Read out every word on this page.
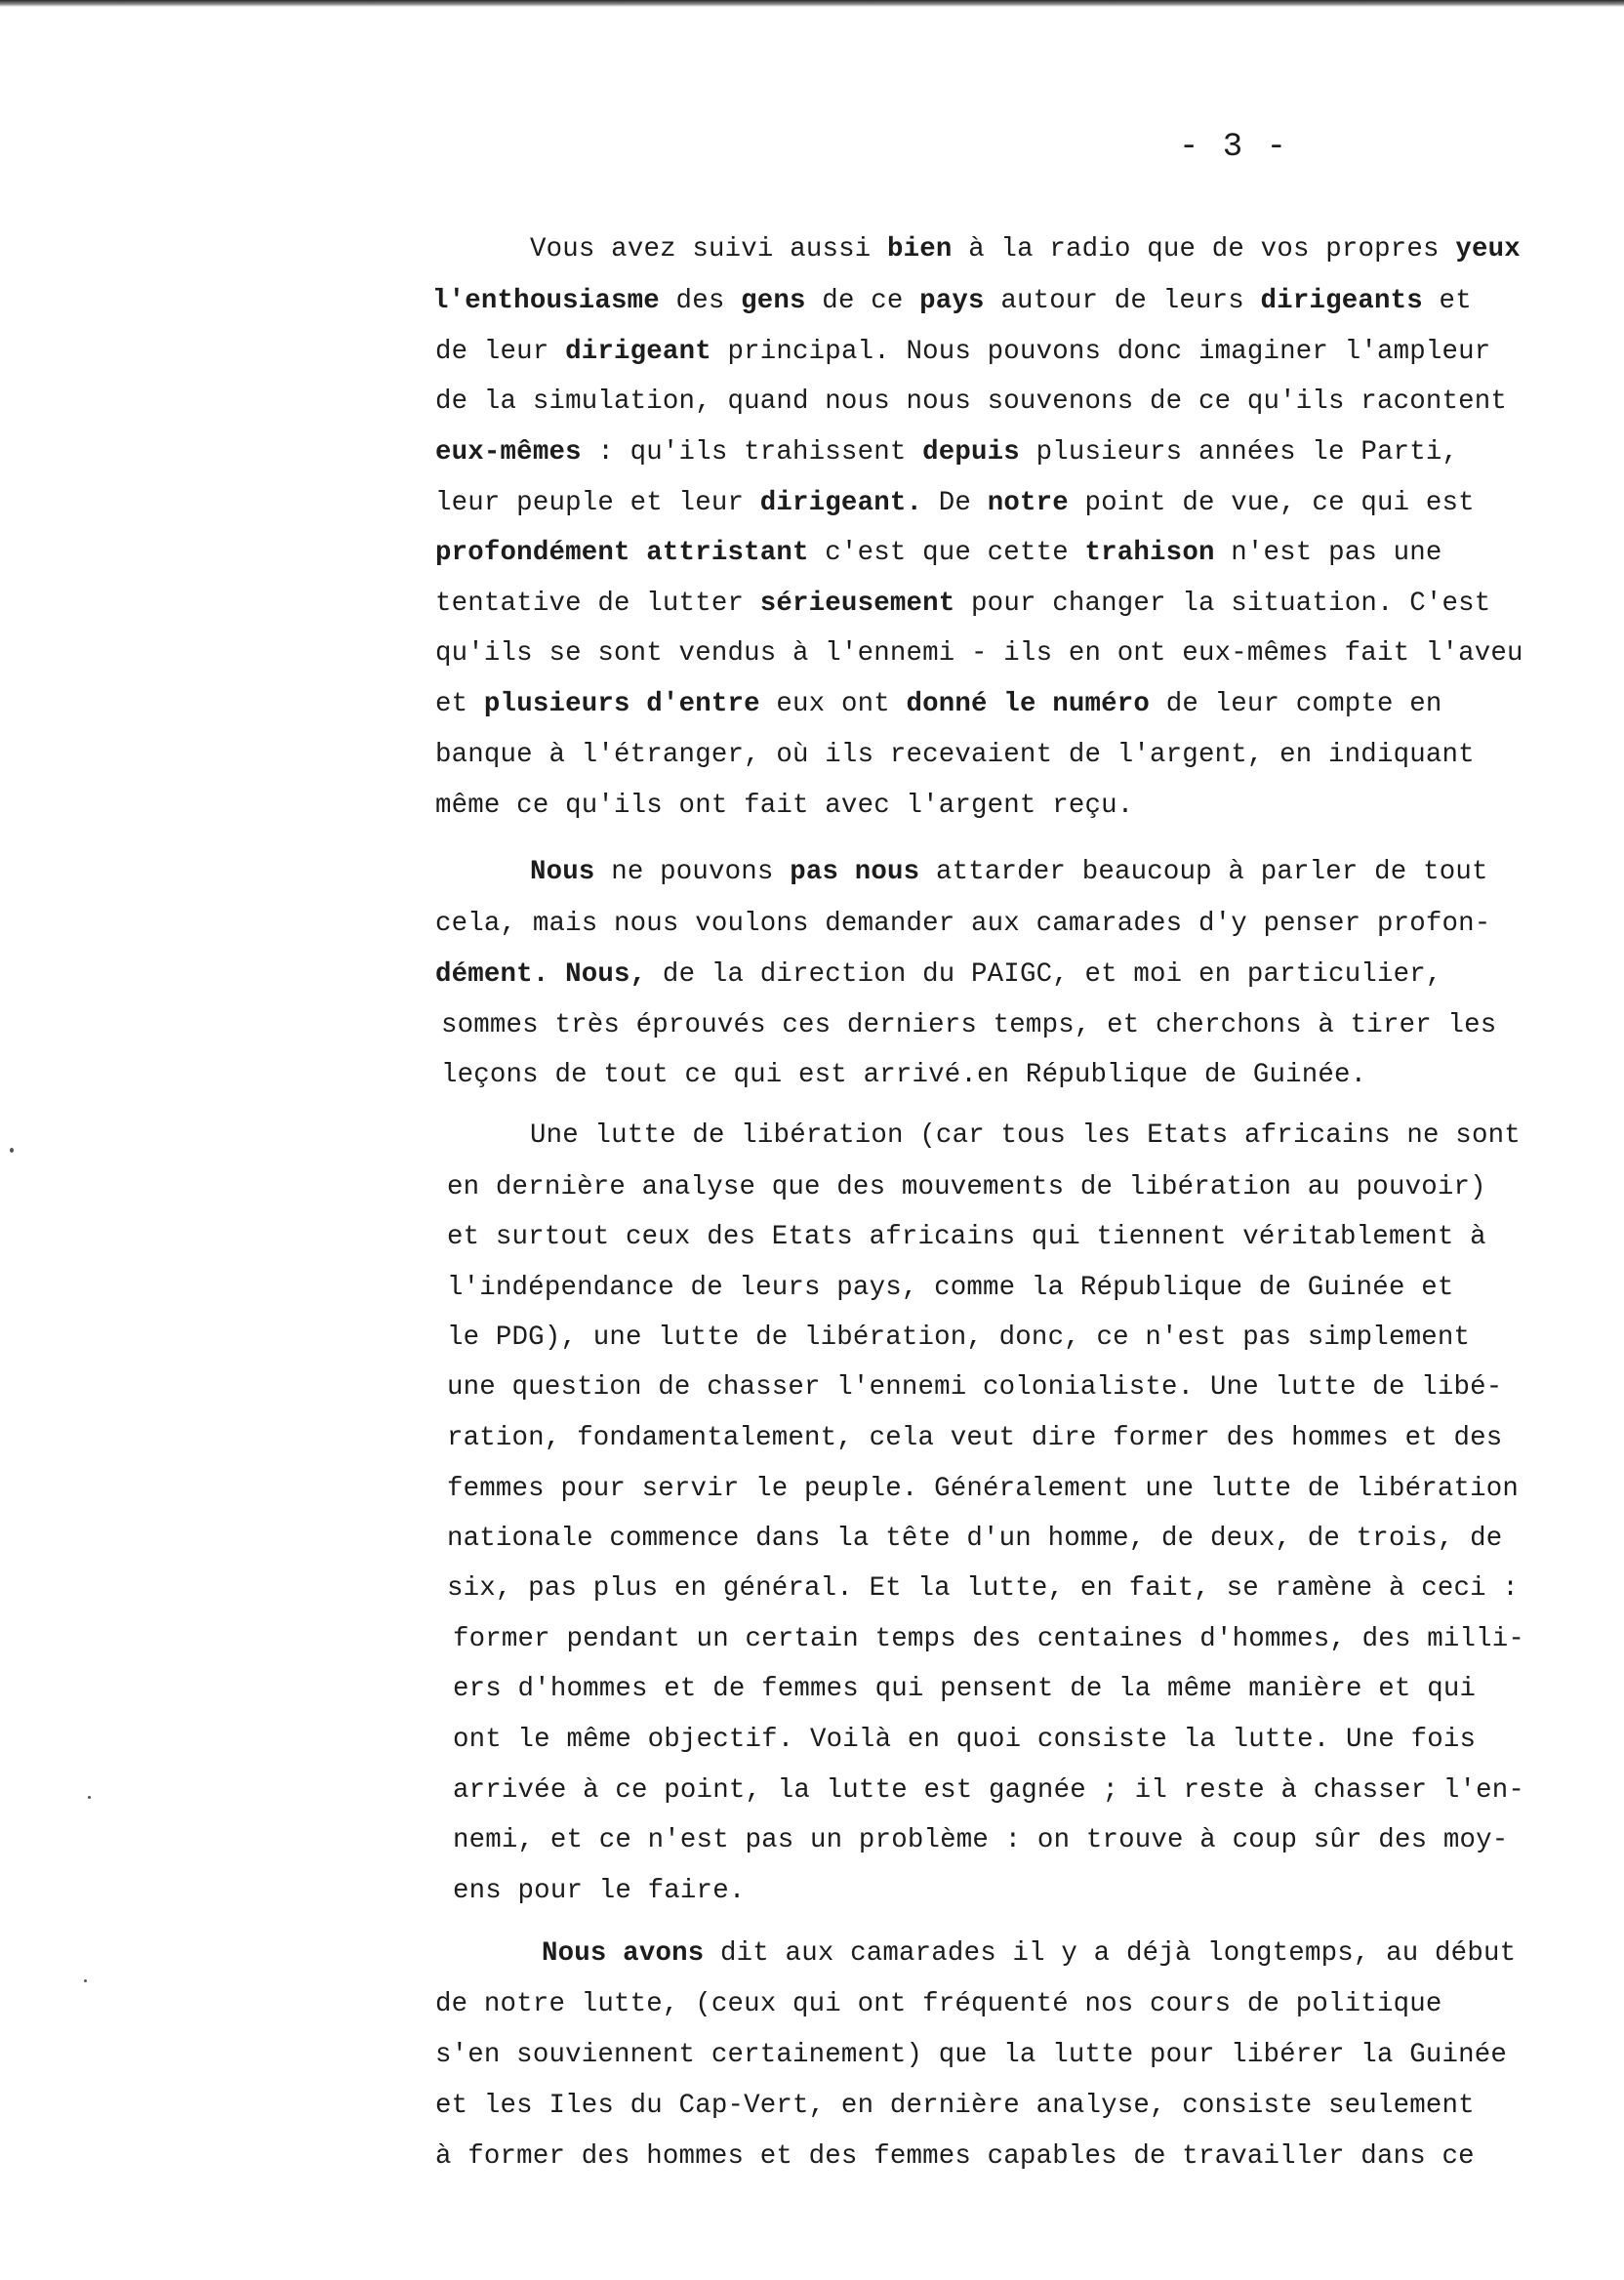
- 3 -
Vous avez suivi aussi bien à la radio que de vos propres yeux
l'enthousiasme des gens de ce pays autour de leurs dirigeants et
de leur dirigeant principal. Nous pouvons donc imaginer l'ampleur
de la simulation, quand nous nous souvenons de ce qu'ils racontent
eux-mêmes : qu'ils trahissent depuis plusieurs années le Parti,
leur peuple et leur dirigeant. De notre point de vue, ce qui est
profondément attristant c'est que cette trahison n'est pas une
tentative de lutter sérieusement pour changer la situation. C'est
qu'ils se sont vendus à l'ennemi - ils en ont eux-mêmes fait l'aveu
et plusieurs d'entre eux ont donné le numéro de leur compte en
banque à l'étranger, où ils recevaient de l'argent, en indiquant
même ce qu'ils ont fait avec l'argent reçu.
Nous ne pouvons pas nous attarder beaucoup à parler de tout
cela, mais nous voulons demander aux camarades d'y penser profon-
dément. Nous, de la direction du PAIGC, et moi en particulier,
sommes très éprouvés ces derniers temps, et cherchons à tirer les
leçons de tout ce qui est arrivé.en République de Guinée.
Une lutte de libération (car tous les Etats africains ne sont
en dernière analyse que des mouvements de libération au pouvoir)
et surtout ceux des Etats africains qui tiennent véritablement à
l'indépendance de leurs pays, comme la République de Guinée et
le PDG), une lutte de libération, donc, ce n'est pas simplement
une question de chasser l'ennemi colonialiste. Une lutte de libé-
ration, fondamentalement, cela veut dire former des hommes et des
femmes pour servir le peuple. Généralement une lutte de libération
nationale commence dans la tête d'un homme, de deux, de trois, de
six, pas plus en général. Et la lutte, en fait, se ramène à ceci :
former pendant un certain temps des centaines d'hommes, des milli-
ers d'hommes et de femmes qui pensent de la même manière et qui
ont le même objectif. Voilà en quoi consiste la lutte. Une fois
arrivée à ce point, la lutte est gagnée ; il reste à chasser l'en-
nemi, et ce n'est pas un problème : on trouve à coup sûr des moy-
ens pour le faire.
Nous avons dit aux camarades il y a déjà longtemps, au début
de notre lutte, (ceux qui ont fréquenté nos cours de politique
s'en souviennent certainement) que la lutte pour libérer la Guinée
et les Iles du Cap-Vert, en dernière analyse, consiste seulement
à former des hommes et des femmes capables de travailler dans ce
